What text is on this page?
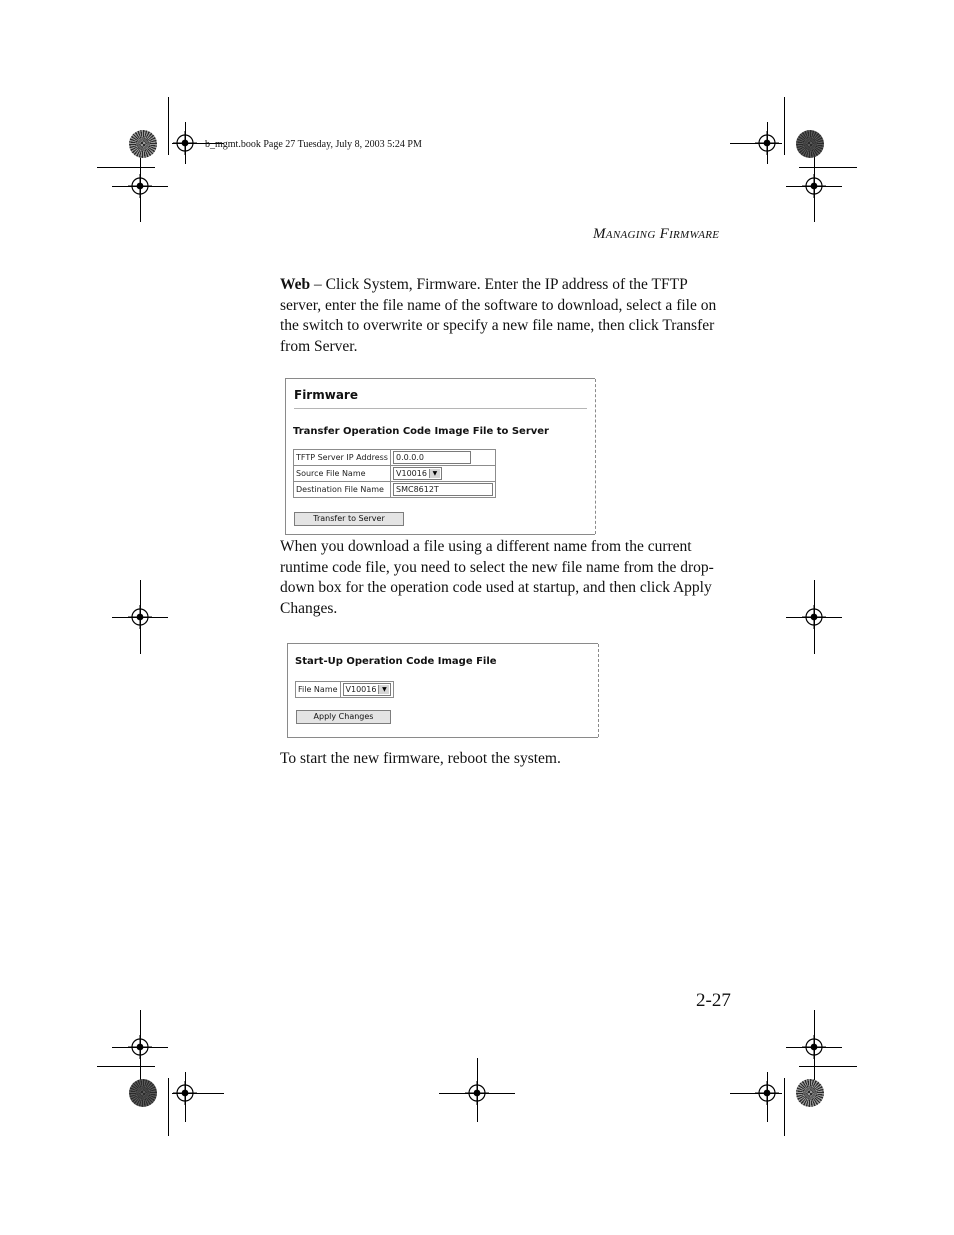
b_mgmt.book Page 27 Tuesday, July 8, 2003 5:24 PM
Managing Firmware

Web – Click System, Firmware. Enter the IP address of the TFTP server, enter the file name of the software to download, select a file on the switch to overwrite or specify a new file name, then click Transfer from Server.

Firmware
Transfer Operation Code Image File to Server
TFTP Server IP Address	0.0.0.0
Source File Name	V10016 ▼

Destination File Name	SMC8612T
Transfer to Server

When you download a file using a different name from the current runtime code file, you need to select the new file name from the drop-down box for the operation code used at startup, and then click Apply Changes.

Start-Up Operation Code Image File
File Name	V10016 ▼
Apply Changes

To start the new firmware, reboot the system.

2-27
